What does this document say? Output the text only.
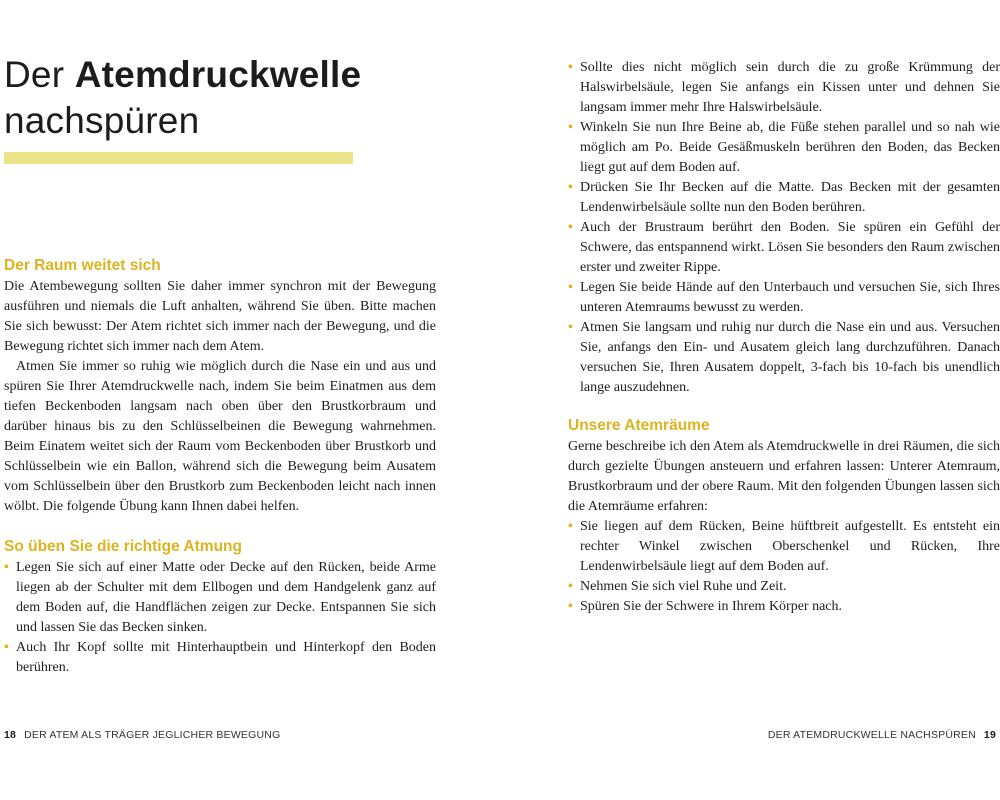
Der Atemdruckwelle
nachspüren
Der Raum weitet sich

Die Atembewegung sollten Sie daher immer synchron mit der Bewegung ausführen und niemals die Luft anhalten, während Sie üben. Bitte machen Sie sich bewusst: Der Atem richtet sich immer nach der Bewegung, und die Bewegung richtet sich immer nach dem Atem.

Atmen Sie immer so ruhig wie möglich durch die Nase ein und aus und spüren Sie Ihrer Atemdruckwelle nach, indem Sie beim Einatmen aus dem tiefen Beckenboden langsam nach oben über den Brustkorbraum und darüber hinaus bis zu den Schlüsselbeinen die Bewegung wahrnehmen. Beim Einatem weitet sich der Raum vom Beckenboden über Brustkorb und Schlüsselbein wie ein Ballon, während sich die Bewegung beim Ausatem vom Schlüsselbein über den Brustkorb zum Beckenboden leicht nach innen wölbt. Die folgende Übung kann Ihnen dabei helfen.

So üben Sie die richtige Atmung
• Legen Sie sich auf einer Matte oder Decke auf den Rücken, beide Arme liegen ab der Schulter mit dem Ellbogen und dem Handgelenk ganz auf dem Boden auf, die Handflächen zeigen zur Decke. Entspannen Sie sich und lassen Sie das Becken sinken.
• Auch Ihr Kopf sollte mit Hinterhauptbein und Hinterkopf den Boden berühren.
18 DER ATEM ALS TRÄGER JEGLICHER BEWEGUNG
• Sollte dies nicht möglich sein durch die zu große Krümmung der Halswirbelsäule, legen Sie anfangs ein Kissen unter und dehnen Sie langsam immer mehr Ihre Halswirbelsäule.
• Winkeln Sie nun Ihre Beine ab, die Füße stehen parallel und so nah wie möglich am Po. Beide Gesäßmuskeln berühren den Boden, das Becken liegt gut auf dem Boden auf.
• Drücken Sie Ihr Becken auf die Matte. Das Becken mit der gesamten Lendenwirbelsäule sollte nun den Boden berühren.
• Auch der Brustraum berührt den Boden. Sie spüren ein Gefühl der Schwere, das entspannend wirkt. Lösen Sie besonders den Raum zwischen erster und zweiter Rippe.
• Legen Sie beide Hände auf den Unterbauch und versuchen Sie, sich Ihres unteren Atemraums bewusst zu werden.
• Atmen Sie langsam und ruhig nur durch die Nase ein und aus. Versuchen Sie, anfangs den Ein- und Ausatem gleich lang durchzuführen. Danach versuchen Sie, Ihren Ausatem doppelt, 3-fach bis 10-fach bis unendlich lange auszudehnen.
Unsere Atemräume

Gerne beschreibe ich den Atem als Atemdruckwelle in drei Räumen, die sich durch gezielte Übungen ansteuern und erfahren lassen: Unterer Atemraum, Brustkorbraum und der obere Raum. Mit den folgenden Übungen lassen sich die Atemräume erfahren:

• Sie liegen auf dem Rücken, Beine hüftbreit aufgestellt. Es entsteht ein rechter Winkel zwischen Oberschenkel und Rücken, Ihre Lendenwirbelsäule liegt auf dem Boden auf.
• Nehmen Sie sich viel Ruhe und Zeit.
• Spüren Sie der Schwere in Ihrem Körper nach.
DER ATEMDRUCKWELLE NACHSPÜREN 19
